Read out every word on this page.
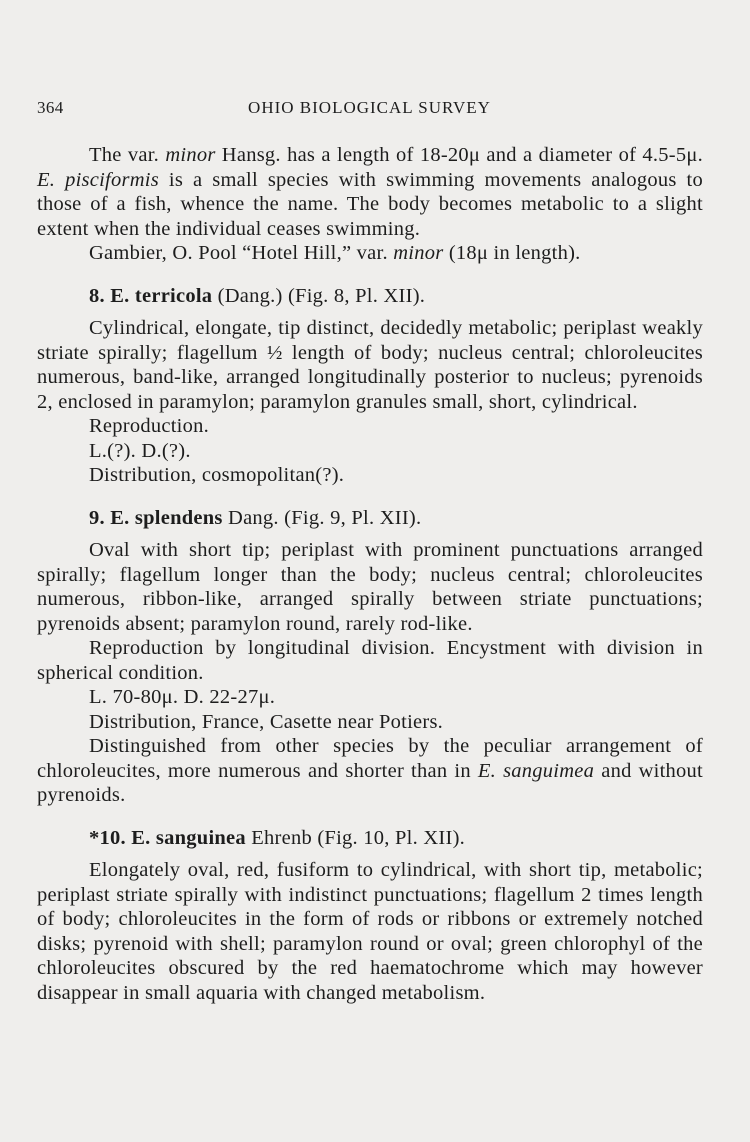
364	OHIO BIOLOGICAL SURVEY

The var. minor Hansg. has a length of 18-20μ and a diameter of 4.5-5μ. E. pisciformis is a small species with swimming movements analogous to those of a fish, whence the name. The body becomes metabolic to a slight extent when the individual ceases swimming.

Gambier, O. Pool “Hotel Hill,” var. minor (18μ in length).

8. E. terricola (Dang.) (Fig. 8, Pl. XII).

Cylindrical, elongate, tip distinct, decidedly metabolic; periplast weakly striate spirally; flagellum ½ length of body; nucleus central; chloroleucites numerous, band-like, arranged longitudinally posterior to nucleus; pyrenoids 2, enclosed in paramylon; paramylon granules small, short, cylindrical.

Reproduction.

L.(?). D.(?).

Distribution, cosmopolitan(?).

9. E. splendens Dang. (Fig. 9, Pl. XII).

Oval with short tip; periplast with prominent punctuations arranged spirally; flagellum longer than the body; nucleus central; chloroleucites numerous, ribbon-like, arranged spirally between striate punctuations; pyrenoids absent; paramylon round, rarely rod-like.

Reproduction by longitudinal division. Encystment with division in spherical condition.

L. 70-80μ. D. 22-27μ.

Distribution, France, Casette near Potiers.

Distinguished from other species by the peculiar arrangement of chloroleucites, more numerous and shorter than in E. sanguimea and without pyrenoids.

*10. E. sanguinea Ehrenb (Fig. 10, Pl. XII).

Elongately oval, red, fusiform to cylindrical, with short tip, metabolic; periplast striate spirally with indistinct punctuations; flagellum 2 times length of body; chloroleucites in the form of rods or ribbons or extremely notched disks; pyrenoid with shell; paramylon round or oval; green chlorophyl of the chloroleucites obscured by the red haematochrome which may however disappear in small aquaria with changed metabolism.
